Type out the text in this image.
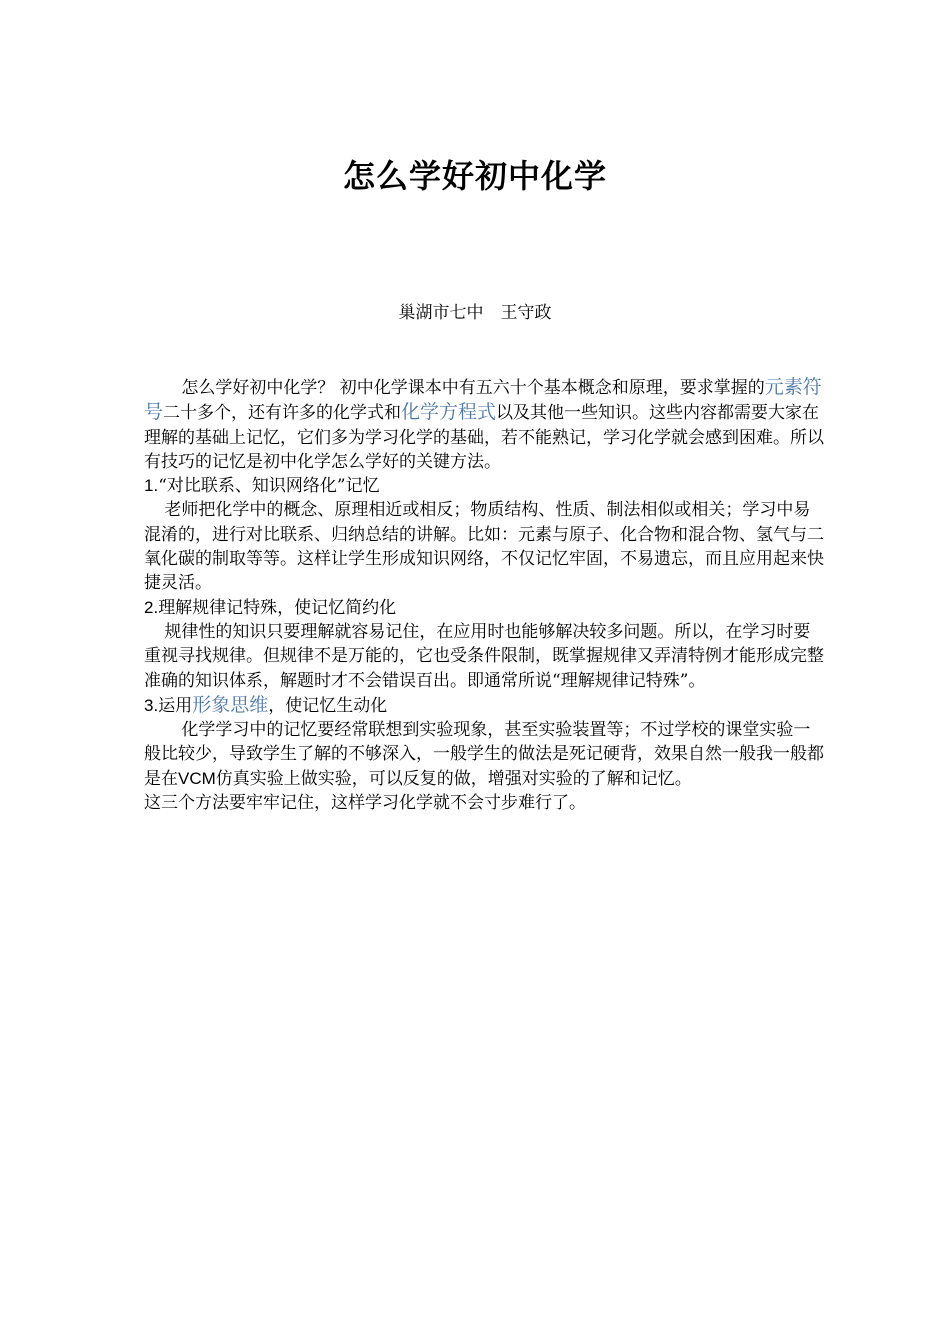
怎么学好初中化学
巢湖市七中　王守政

怎么学好初中化学？ 初中化学课本中有五六十个基本概念和原理，要求掌握的元素符号二十多个，还有许多的化学式和化学方程式以及其他一些知识。这些内容都需要大家在理解的基础上记忆，它们多为学习化学的基础，若不能熟记，学习化学就会感到困难。所以有技巧的记忆是初中化学怎么学好的关键方法。

1.“对比联系、知识网络化”记忆

老师把化学中的概念、原理相近或相反；物质结构、性质、制法相似或相关；学习中易混淆的，进行对比联系、归纳总结的讲解。比如：元素与原子、化合物和混合物、氢气与二氧化碳的制取等等。这样让学生形成知识网络，不仅记忆牢固，不易遗忘，而且应用起来快捷灵活。

2.理解规律记特殊，使记忆简约化

规律性的知识只要理解就容易记住，在应用时也能够解决较多问题。所以，在学习时要重视寻找规律。但规律不是万能的，它也受条件限制，既掌握规律又弄清特例才能形成完整准确的知识体系，解题时才不会错误百出。即通常所说“理解规律记特殊”。

3.运用形象思维，使记忆生动化

化学学习中的记忆要经常联想到实验现象，甚至实验装置等；不过学校的课堂实验一般比较少，导致学生了解的不够深入，一般学生的做法是死记硬背，效果自然一般我一般都是在VCM仿真实验上做实验，可以反复的做，增强对实验的了解和记忆。

这三个方法要牢牢记住，这样学习化学就不会寸步难行了。
